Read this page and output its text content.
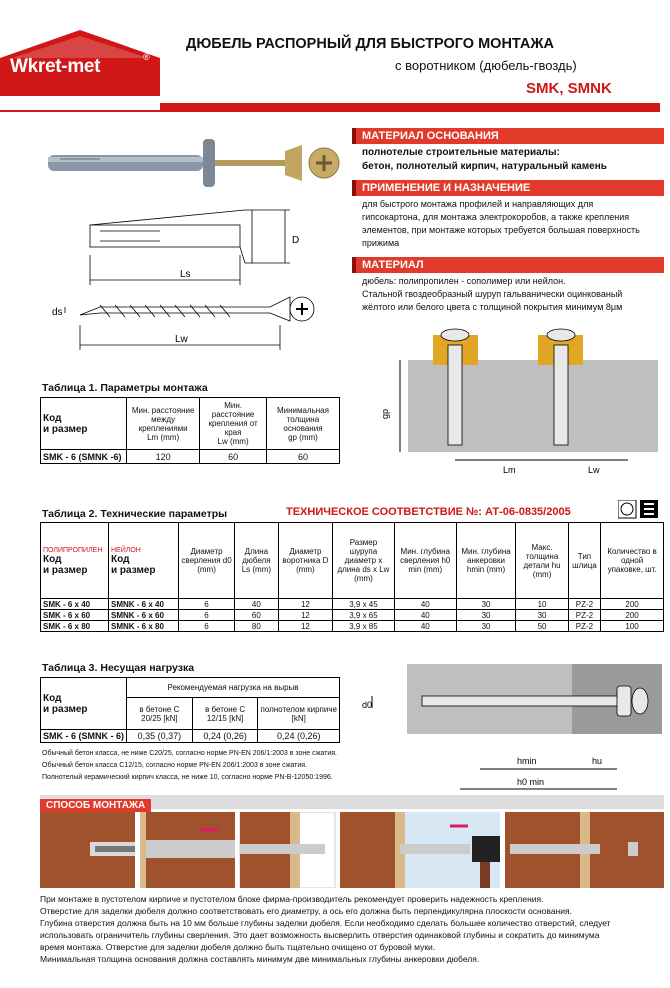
Wkret-met	®
КРЕПЁЖНАЯ ТЕХНИКА
ДЮБЕЛЬ РАСПОРНЫЙ ДЛЯ БЫСТРОГО МОНТАЖА
с воротником (дюбель-гвоздь)
SMK, SMNK
D
Ls
ds
Lw
gp
Lm	Lw
МАТЕРИАЛ ОСНОВАНИЯ
полнотелые строительные материалы:
бетон, полнотелый кирпич, натуральный камень
ПРИМЕНЕНИЕ И НАЗНАЧЕНИЕ
для быстрого монтажа профилей и направляющих для
гипсокартона, для монтажа электрокоробов, а также крепления
элементов, при монтаже которых требуется большая поверхность
прижима
МАТЕРИАЛ
дюбель: полипропилен - сополимер или нейлон.
Стальной гвоздеобразный шуруп гальванически оцинкованый
жёлтого или белого цвета с толщиной покрытия минимум 8μм
Таблица 1. Параметры монтажа
Код
и размер	Мин. расстояние между креплениями
Lm (mm)	Мин. расстояние крепления от края
Lw (mm)	Минимальная толщина основания
gp (mm)
SMK - 6 (SMNK -6)	120	60	60
Таблица 2. Технические параметры	ТЕХНИЧЕСКОЕ СООТВЕТСТВИЕ №: АТ-06-0835/2005
ПОЛИПРОПИЛЕН
Код
и размер	НЕЙЛОН
Код
и размер	Диаметр сверления d0 (mm)	Длина дюбеля Ls (mm)	Диаметр воротника D (mm)	Размер шурупа диаметр х длина ds x Lw (mm)	Мин. глубина сверления h0 min (mm)	Мин. глубина анкеровки hmin (mm)	Макс. толщина детали hu (mm)	Тип шлица	Количество в одной упаковке, шт.
SMK - 6 x 40	SMNK - 6 x 40	6	40	12	3,9 x 45	40	30	10	PZ-2	200
SMK - 6 x 60	SMNK - 6 x 60	6	60	12	3,9 x 65	40	30	30	PZ-2	200
SMK - 6 x 80	SMNK - 6 x 80	6	80	12	3,9 x 85	40	30	50	PZ-2	100
Таблица 3. Несущая нагрузка
Код
и размер	Рекомендуемая нагрузка на вырыв		
	в бетоне C 20/25 [kN]	в бетоне C 12/15 [kN]	полнотелом кирпиче [kN]
SMK - 6 (SMNK - 6)	0,35 (0,37)	0,24 (0,26)	0,24 (0,26)
Обычный бетон класса, не ниже C20/25, согласно норме PN-EN 206/1:2003 в зоне сжатия.
Обычный бетон класса C12/15, согласно норме PN-EN 206/1:2003 в зоне сжатия.
Полнотелый керамический кирпич класса, не ниже 10, согласно норме PN-B-12050:1996.
d0
hmin	hu
h0 min
СПОСОБ МОНТАЖА
При монтаже в пустотелом кирпиче и пустотелом блоке фирма-производитель рекомендует проверить надежность крепления.
Отверстие для заделки дюбеля должно соответствовать его диаметру, а ось его должна быть перпендикулярна плоскости основания.
Глубина отверстия должна быть на 10 мм больше глубины заделки дюбеля. Если необходимо сделать большее количество отверстий, следует
использовать ограничитель глубины сверления. Это дает возможность высверлить отверстия одинаковой глубины и сократить до минимума
время монтажа. Отверстие для заделки дюбеля должно быть тщательно очищено от буровой муки.
Минимальная толщина основания должна составлять минимум две минимальных глубины анкеровки дюбеля.
